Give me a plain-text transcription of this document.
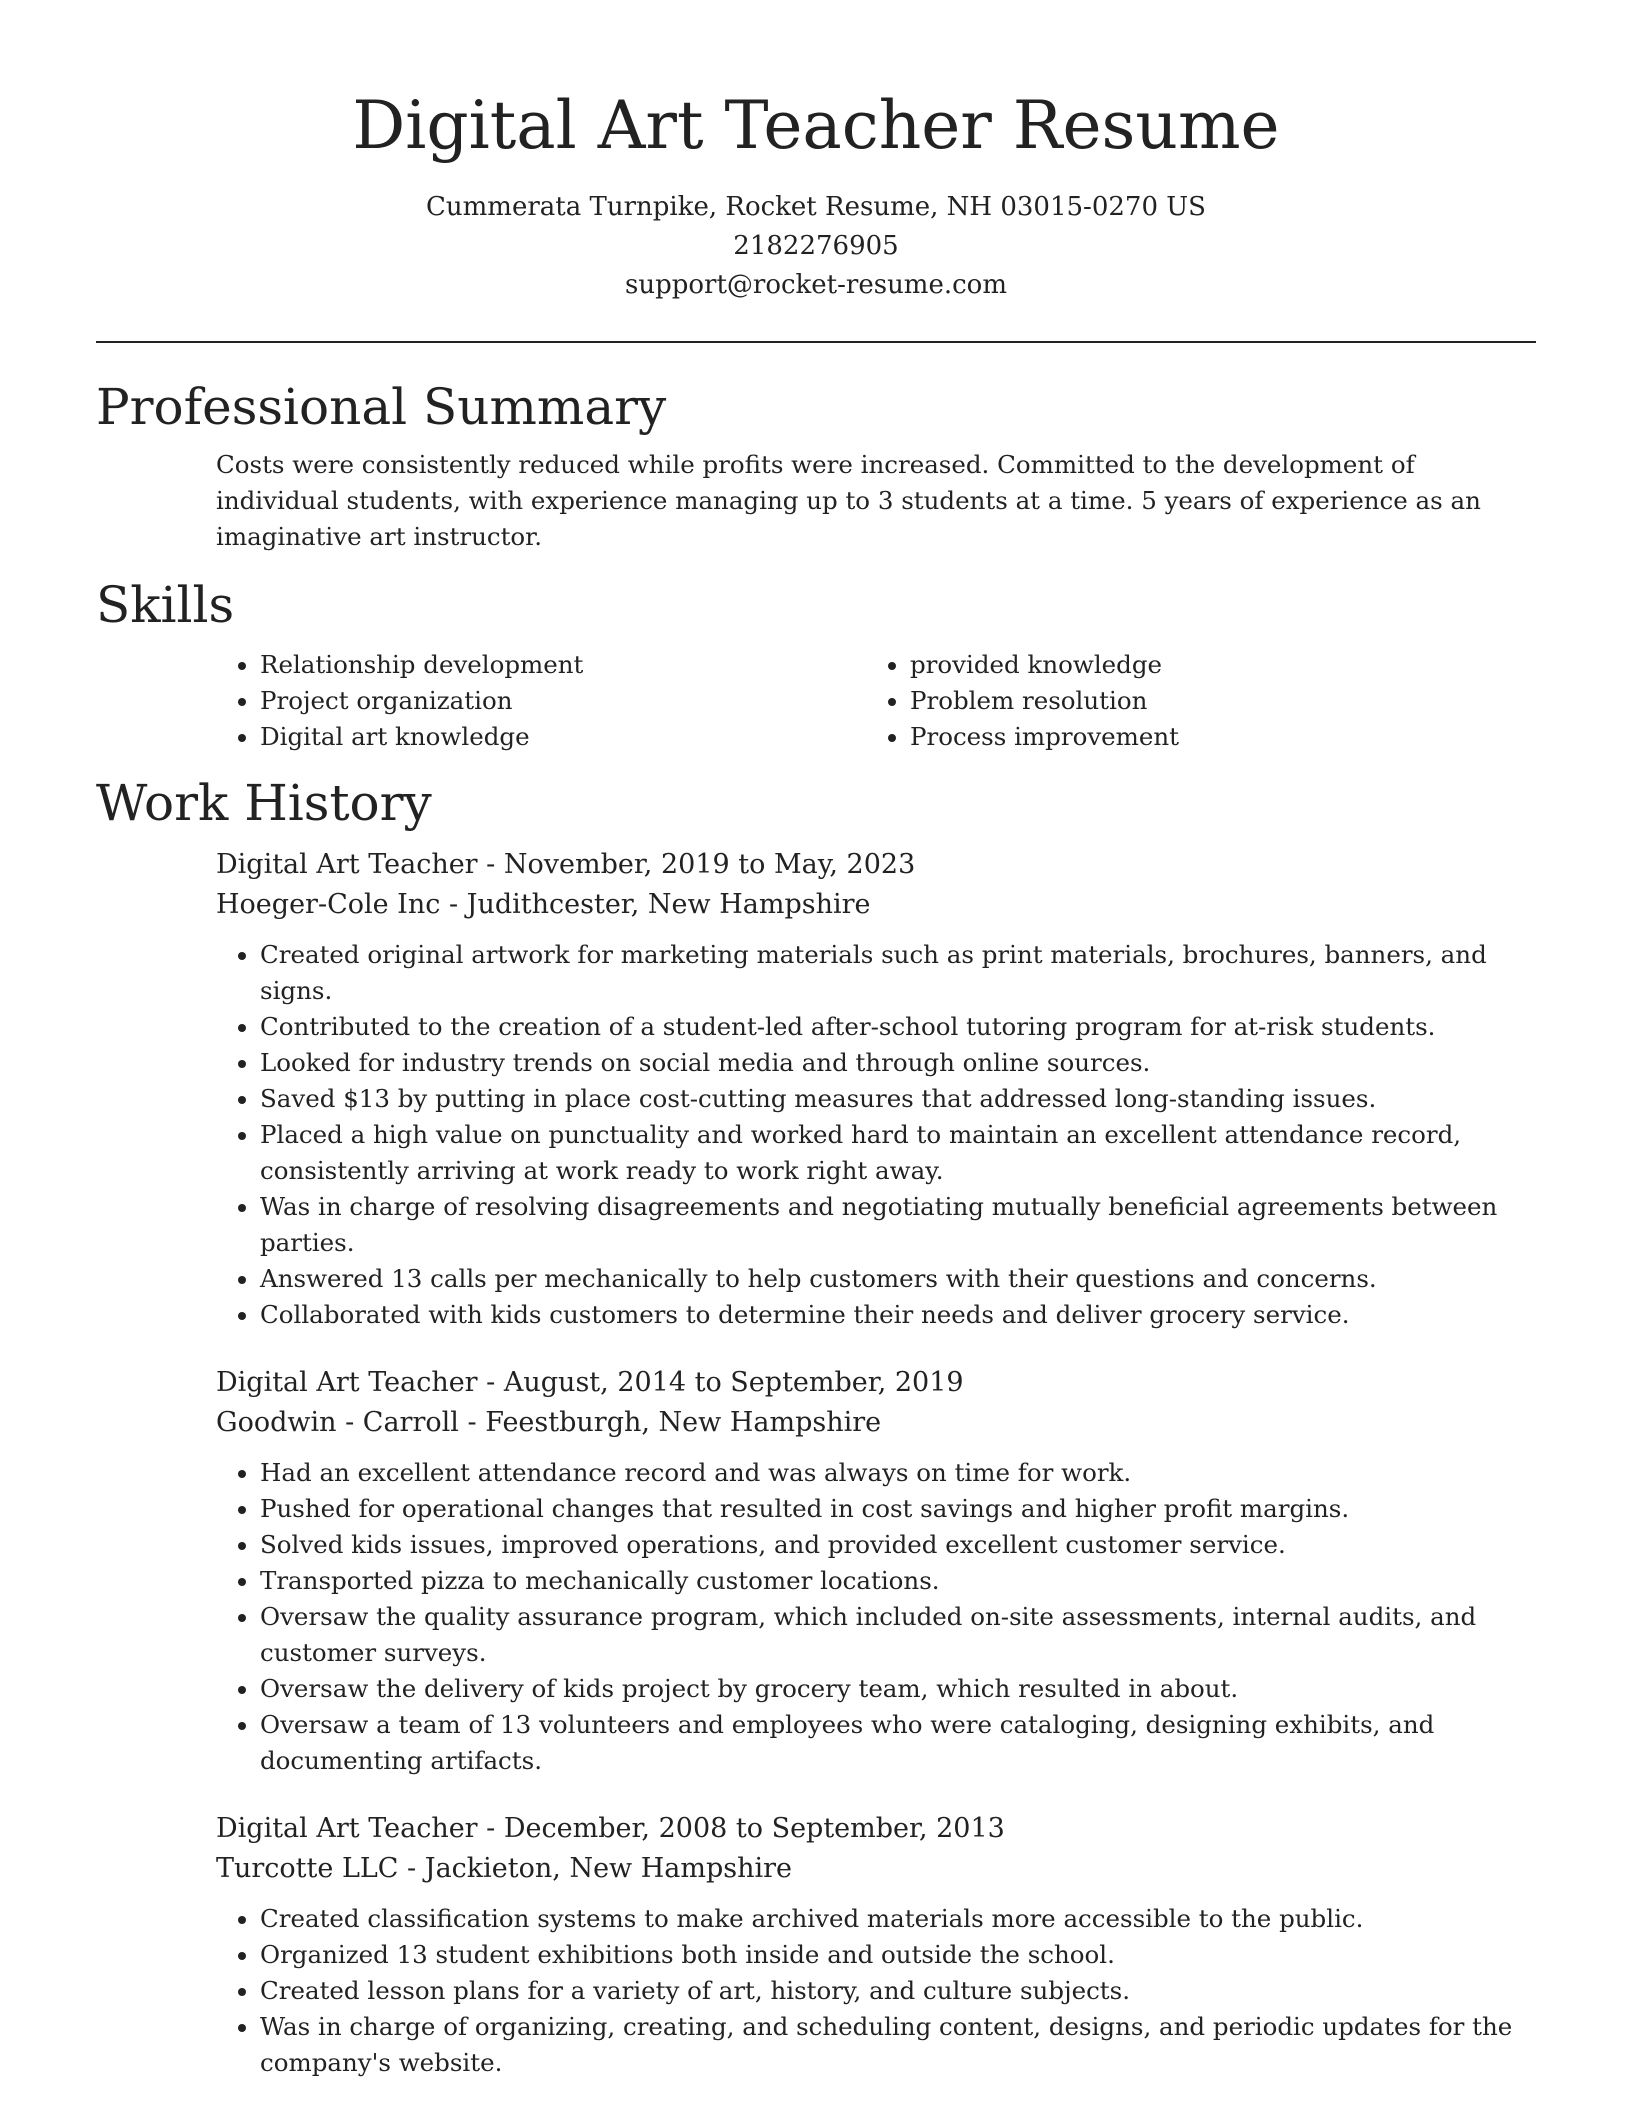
Digital Art Teacher Resume
Cummerata Turnpike, Rocket Resume, NH 03015-0270 US
2182276905
support@rocket-resume.com
Professional Summary

Costs were consistently reduced while profits were increased. Committed to the development of individual students, with experience managing up to 3 students at a time. 5 years of experience as an imaginative art instructor.

Skills
• Relationship development
• Project organization
• Digital art knowledge
• provided knowledge
• Problem resolution
• Process improvement
Work History
Digital Art Teacher - November, 2019 to May, 2023
Hoeger-Cole Inc - Judithcester, New Hampshire
• Created original artwork for marketing materials such as print materials, brochures, banners, and signs.
• Contributed to the creation of a student-led after-school tutoring program for at-risk students.
• Looked for industry trends on social media and through online sources.
• Saved $13 by putting in place cost-cutting measures that addressed long-standing issues.
• Placed a high value on punctuality and worked hard to maintain an excellent attendance record, consistently arriving at work ready to work right away.
• Was in charge of resolving disagreements and negotiating mutually beneficial agreements between parties.
• Answered 13 calls per mechanically to help customers with their questions and concerns.
• Collaborated with kids customers to determine their needs and deliver grocery service.
Digital Art Teacher - August, 2014 to September, 2019
Goodwin - Carroll - Feestburgh, New Hampshire
• Had an excellent attendance record and was always on time for work.
• Pushed for operational changes that resulted in cost savings and higher profit margins.
• Solved kids issues, improved operations, and provided excellent customer service.
• Transported pizza to mechanically customer locations.
• Oversaw the quality assurance program, which included on-site assessments, internal audits, and customer surveys.
• Oversaw the delivery of kids project by grocery team, which resulted in about.
• Oversaw a team of 13 volunteers and employees who were cataloging, designing exhibits, and documenting artifacts.
Digital Art Teacher - December, 2008 to September, 2013
Turcotte LLC - Jackieton, New Hampshire
• Created classification systems to make archived materials more accessible to the public.
• Organized 13 student exhibitions both inside and outside the school.
• Created lesson plans for a variety of art, history, and culture subjects.
• Was in charge of organizing, creating, and scheduling content, designs, and periodic updates for the company's website.
